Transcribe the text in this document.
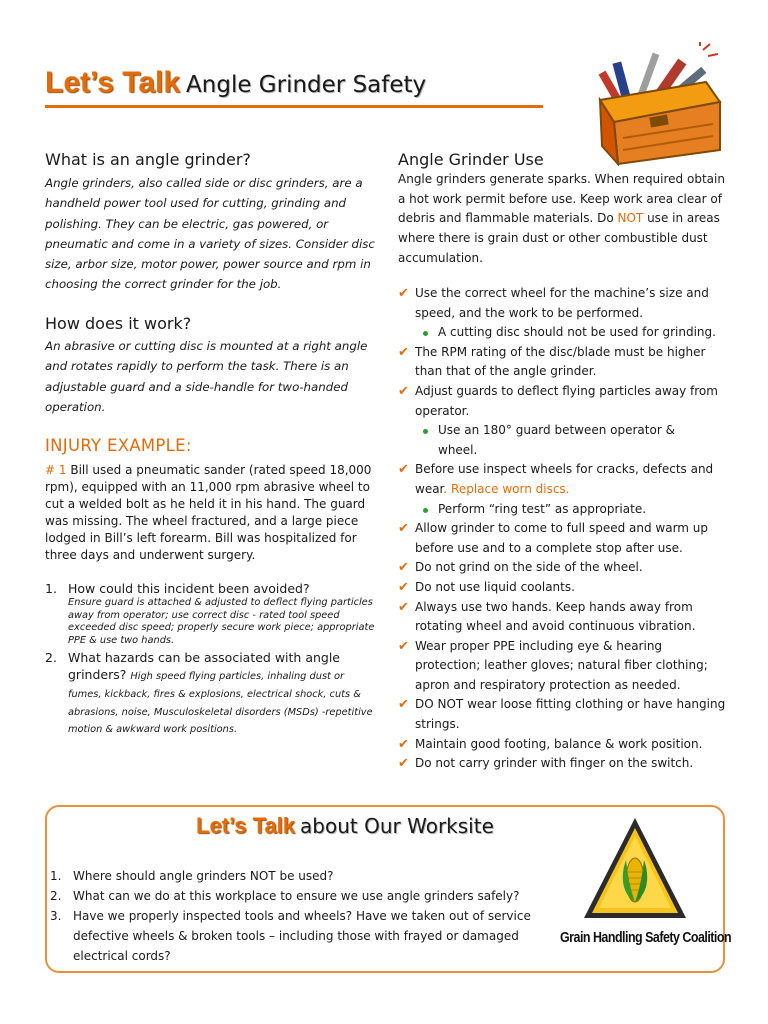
Let’s Talk Angle Grinder Safety
What is an angle grinder?
Angle grinders, also called side or disc grinders, are a handheld power tool used for cutting, grinding and polishing. They can be electric, gas powered, or pneumatic and come in a variety of sizes. Consider disc size, arbor size, motor power, power source and rpm in choosing the correct grinder for the job.
How does it work?
An abrasive or cutting disc is mounted at a right angle and rotates rapidly to perform the task. There is an adjustable guard and a side-handle for two-handed operation.
INJURY EXAMPLE:
# 1 Bill used a pneumatic sander (rated speed 18,000 rpm), equipped with an 11,000 rpm abrasive wheel to cut a welded bolt as he held it in his hand. The guard was missing. The wheel fractured, and a large piece lodged in Bill’s left forearm. Bill was hospitalized for three days and underwent surgery.
1. How could this incident been avoided?
Ensure guard is attached & adjusted to deflect flying particles away from operator; use correct disc - rated tool speed exceeded disc speed; properly secure work piece; appropriate PPE & use two hands.
2. What hazards can be associated with angle grinders? High speed flying particles, inhaling dust or fumes, kickback, fires & explosions, electrical shock, cuts & abrasions, noise, Musculoskeletal disorders (MSDs) -repetitive motion & awkward work positions.
Angle Grinder Use
Angle grinders generate sparks. When required obtain a hot work permit before use. Keep work area clear of debris and flammable materials. Do NOT use in areas where there is grain dust or other combustible dust accumulation.
✔ Use the correct wheel for the machine’s size and speed, and the work to be performed.
A cutting disc should not be used for grinding.
✔ The RPM rating of the disc/blade must be higher than that of the angle grinder.
✔ Adjust guards to deflect flying particles away from operator.
Use an 180° guard between operator & wheel.
✔ Before use inspect wheels for cracks, defects and wear. Replace worn discs.
Perform “ring test” as appropriate.
✔ Allow grinder to come to full speed and warm up before use and to a complete stop after use.
✔ Do not grind on the side of the wheel.
✔ Do not use liquid coolants.
✔ Always use two hands. Keep hands away from rotating wheel and avoid continuous vibration.
✔ Wear proper PPE including eye & hearing protection; leather gloves; natural fiber clothing; apron and respiratory protection as needed.
✔ DO NOT wear loose fitting clothing or have hanging strings.
✔ Maintain good footing, balance & work position.
✔ Do not carry grinder with finger on the switch.
Let’s Talk about Our Worksite
1. Where should angle grinders NOT be used?
2. What can we do at this workplace to ensure we use angle grinders safely?
3. Have we properly inspected tools and wheels? Have we taken out of service defective wheels & broken tools – including those with frayed or damaged electrical cords?
Grain Handling Safety Coalition
